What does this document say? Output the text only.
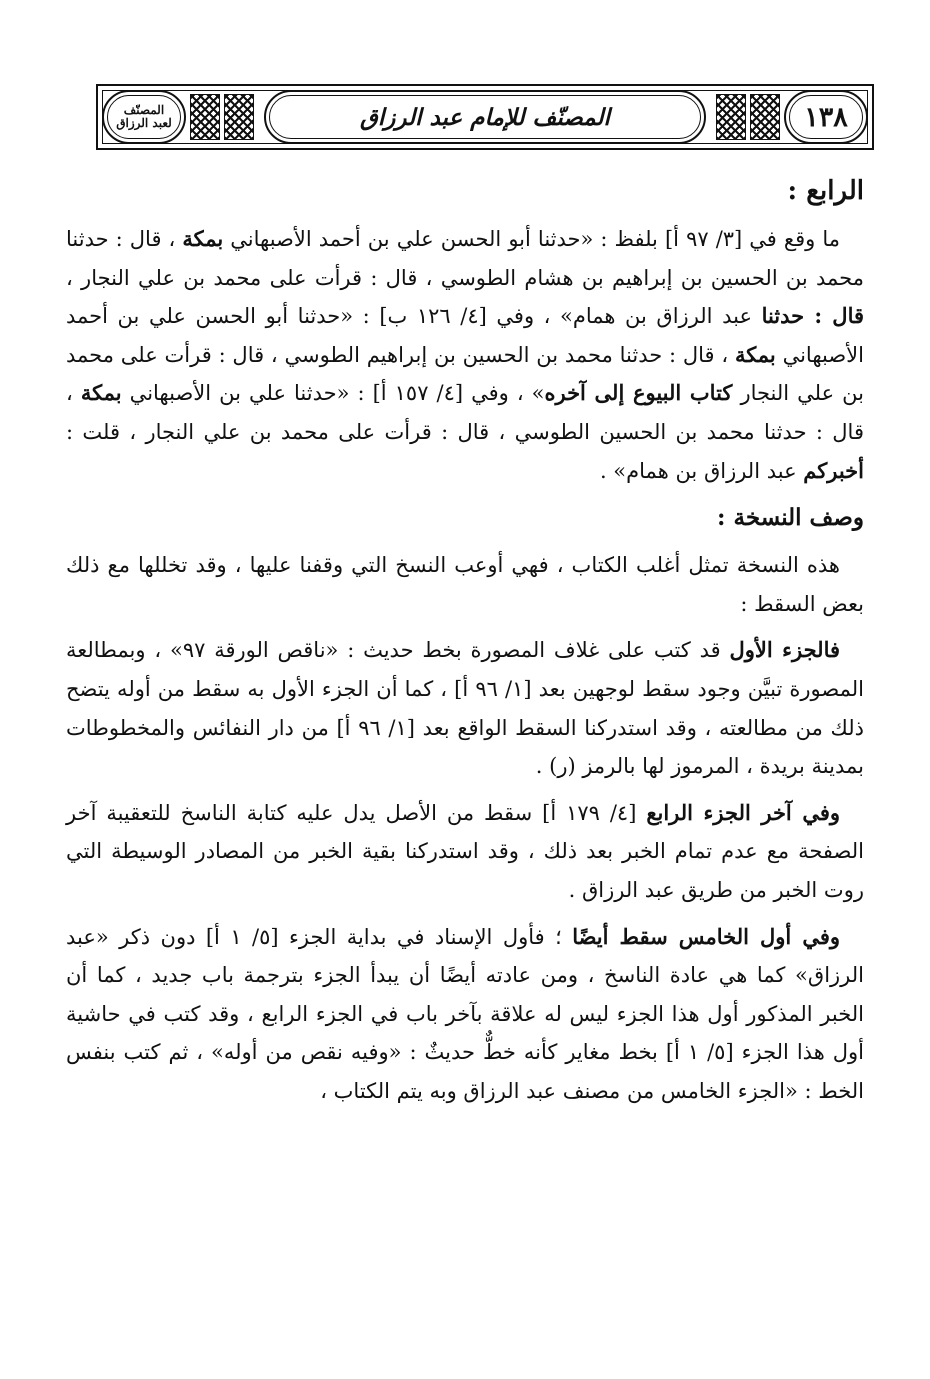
المصنّف
لعبد الرزاق	المصنّف للإمام عبد الرزاق	١٣٨
الرابع :

ما وقع في [٣/ ٩٧ أ] بلفظ : «حدثنا أبو الحسن علي بن أحمد الأصبهاني بمكة ، قال : حدثنا محمد بن الحسين بن إبراهيم بن هشام الطوسي ، قال : قرأت على محمد بن علي النجار ، قال : حدثنا عبد الرزاق بن همام» ، وفي [٤/ ١٢٦ ب] : «حدثنا أبو الحسن علي بن أحمد الأصبهاني بمكة ، قال : حدثنا محمد بن الحسين بن إبراهيم الطوسي ، قال : قرأت على محمد بن علي النجار كتاب البيوع إلى آخره» ، وفي [٤/ ١٥٧ أ] : «حدثنا علي بن الأصبهاني بمكة ، قال : حدثنا محمد بن الحسين الطوسي ، قال : قرأت على محمد بن علي النجار ، قلت : أخبركم عبد الرزاق بن همام» .

وصف النسخة :

هذه النسخة تمثل أغلب الكتاب ، فهي أوعب النسخ التي وقفنا عليها ، وقد تخللها مع ذلك بعض السقط :

فالجزء الأول قد كتب على غلاف المصورة بخط حديث : «ناقص الورقة ٩٧» ، وبمطالعة المصورة تبيَّن وجود سقط لوجهين بعد [١/ ٩٦ أ] ، كما أن الجزء الأول به سقط من أوله يتضح ذلك من مطالعته ، وقد استدركنا السقط الواقع بعد [١/ ٩٦ أ] من دار النفائس والمخطوطات بمدينة بريدة ، المرموز لها بالرمز (ر) .

وفي آخر الجزء الرابع [٤/ ١٧٩ أ] سقط من الأصل يدل عليه كتابة الناسخ للتعقيبة آخر الصفحة مع عدم تمام الخبر بعد ذلك ، وقد استدركنا بقية الخبر من المصادر الوسيطة التي روت الخبر من طريق عبد الرزاق .

وفي أول الخامس سقط أيضًا ؛ فأول الإسناد في بداية الجزء [٥/ ١ أ] دون ذكر «عبد الرزاق» كما هي عادة الناسخ ، ومن عادته أيضًا أن يبدأ الجزء بترجمة باب جديد ، كما أن الخبر المذكور أول هذا الجزء ليس له علاقة بآخر باب في الجزء الرابع ، وقد كتب في حاشية أول هذا الجزء [٥/ ١ أ] بخط مغاير كأنه خطٌّ حديثٌ : «وفيه نقص من أوله» ، ثم كتب بنفس الخط : «الجزء الخامس من مصنف عبد الرزاق وبه يتم الكتاب ،
